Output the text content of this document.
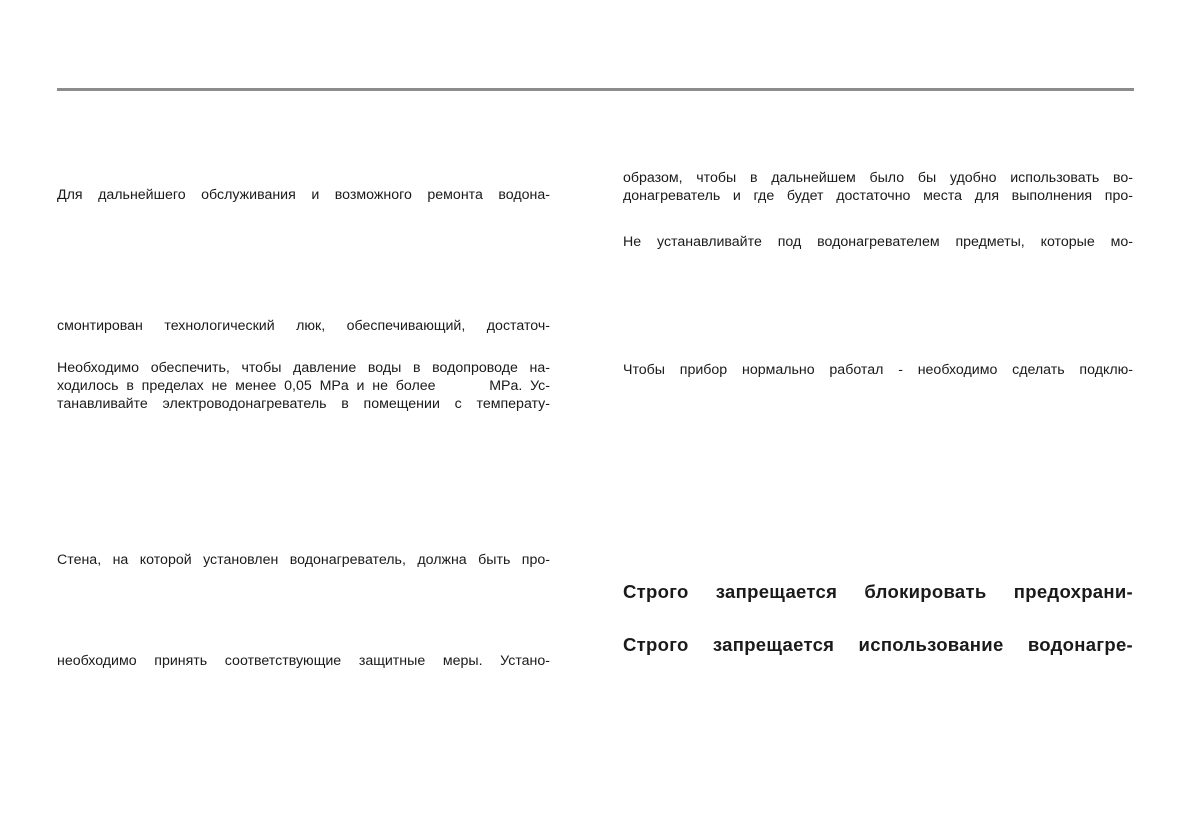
Для дальнейшего обслуживания и возможного ремонта водона-
смонтирован технологический люк, обеспечивающий, достаточ-
Необходимо обеспечить, чтобы давление воды в водопроводе на-
ходилось в пределах не менее 0,05 MPa и не более	MPa. Ус-
танавливайте электроводонагреватель в помещении с температу-
Стена, на которой установлен водонагреватель, должна быть про-
необходимо принять соответствующие защитные меры. Устано-
образом, чтобы в дальнейшем было бы удобно использовать во-
донагреватель и где будет достаточно места для выполнения про-
Не устанавливайте под водонагревателем предметы, которые мо-
Чтобы прибор нормально работал - необходимо сделать подклю-
Строго запрещается блокировать предохрани-
Строго запрещается использование водонагре-
